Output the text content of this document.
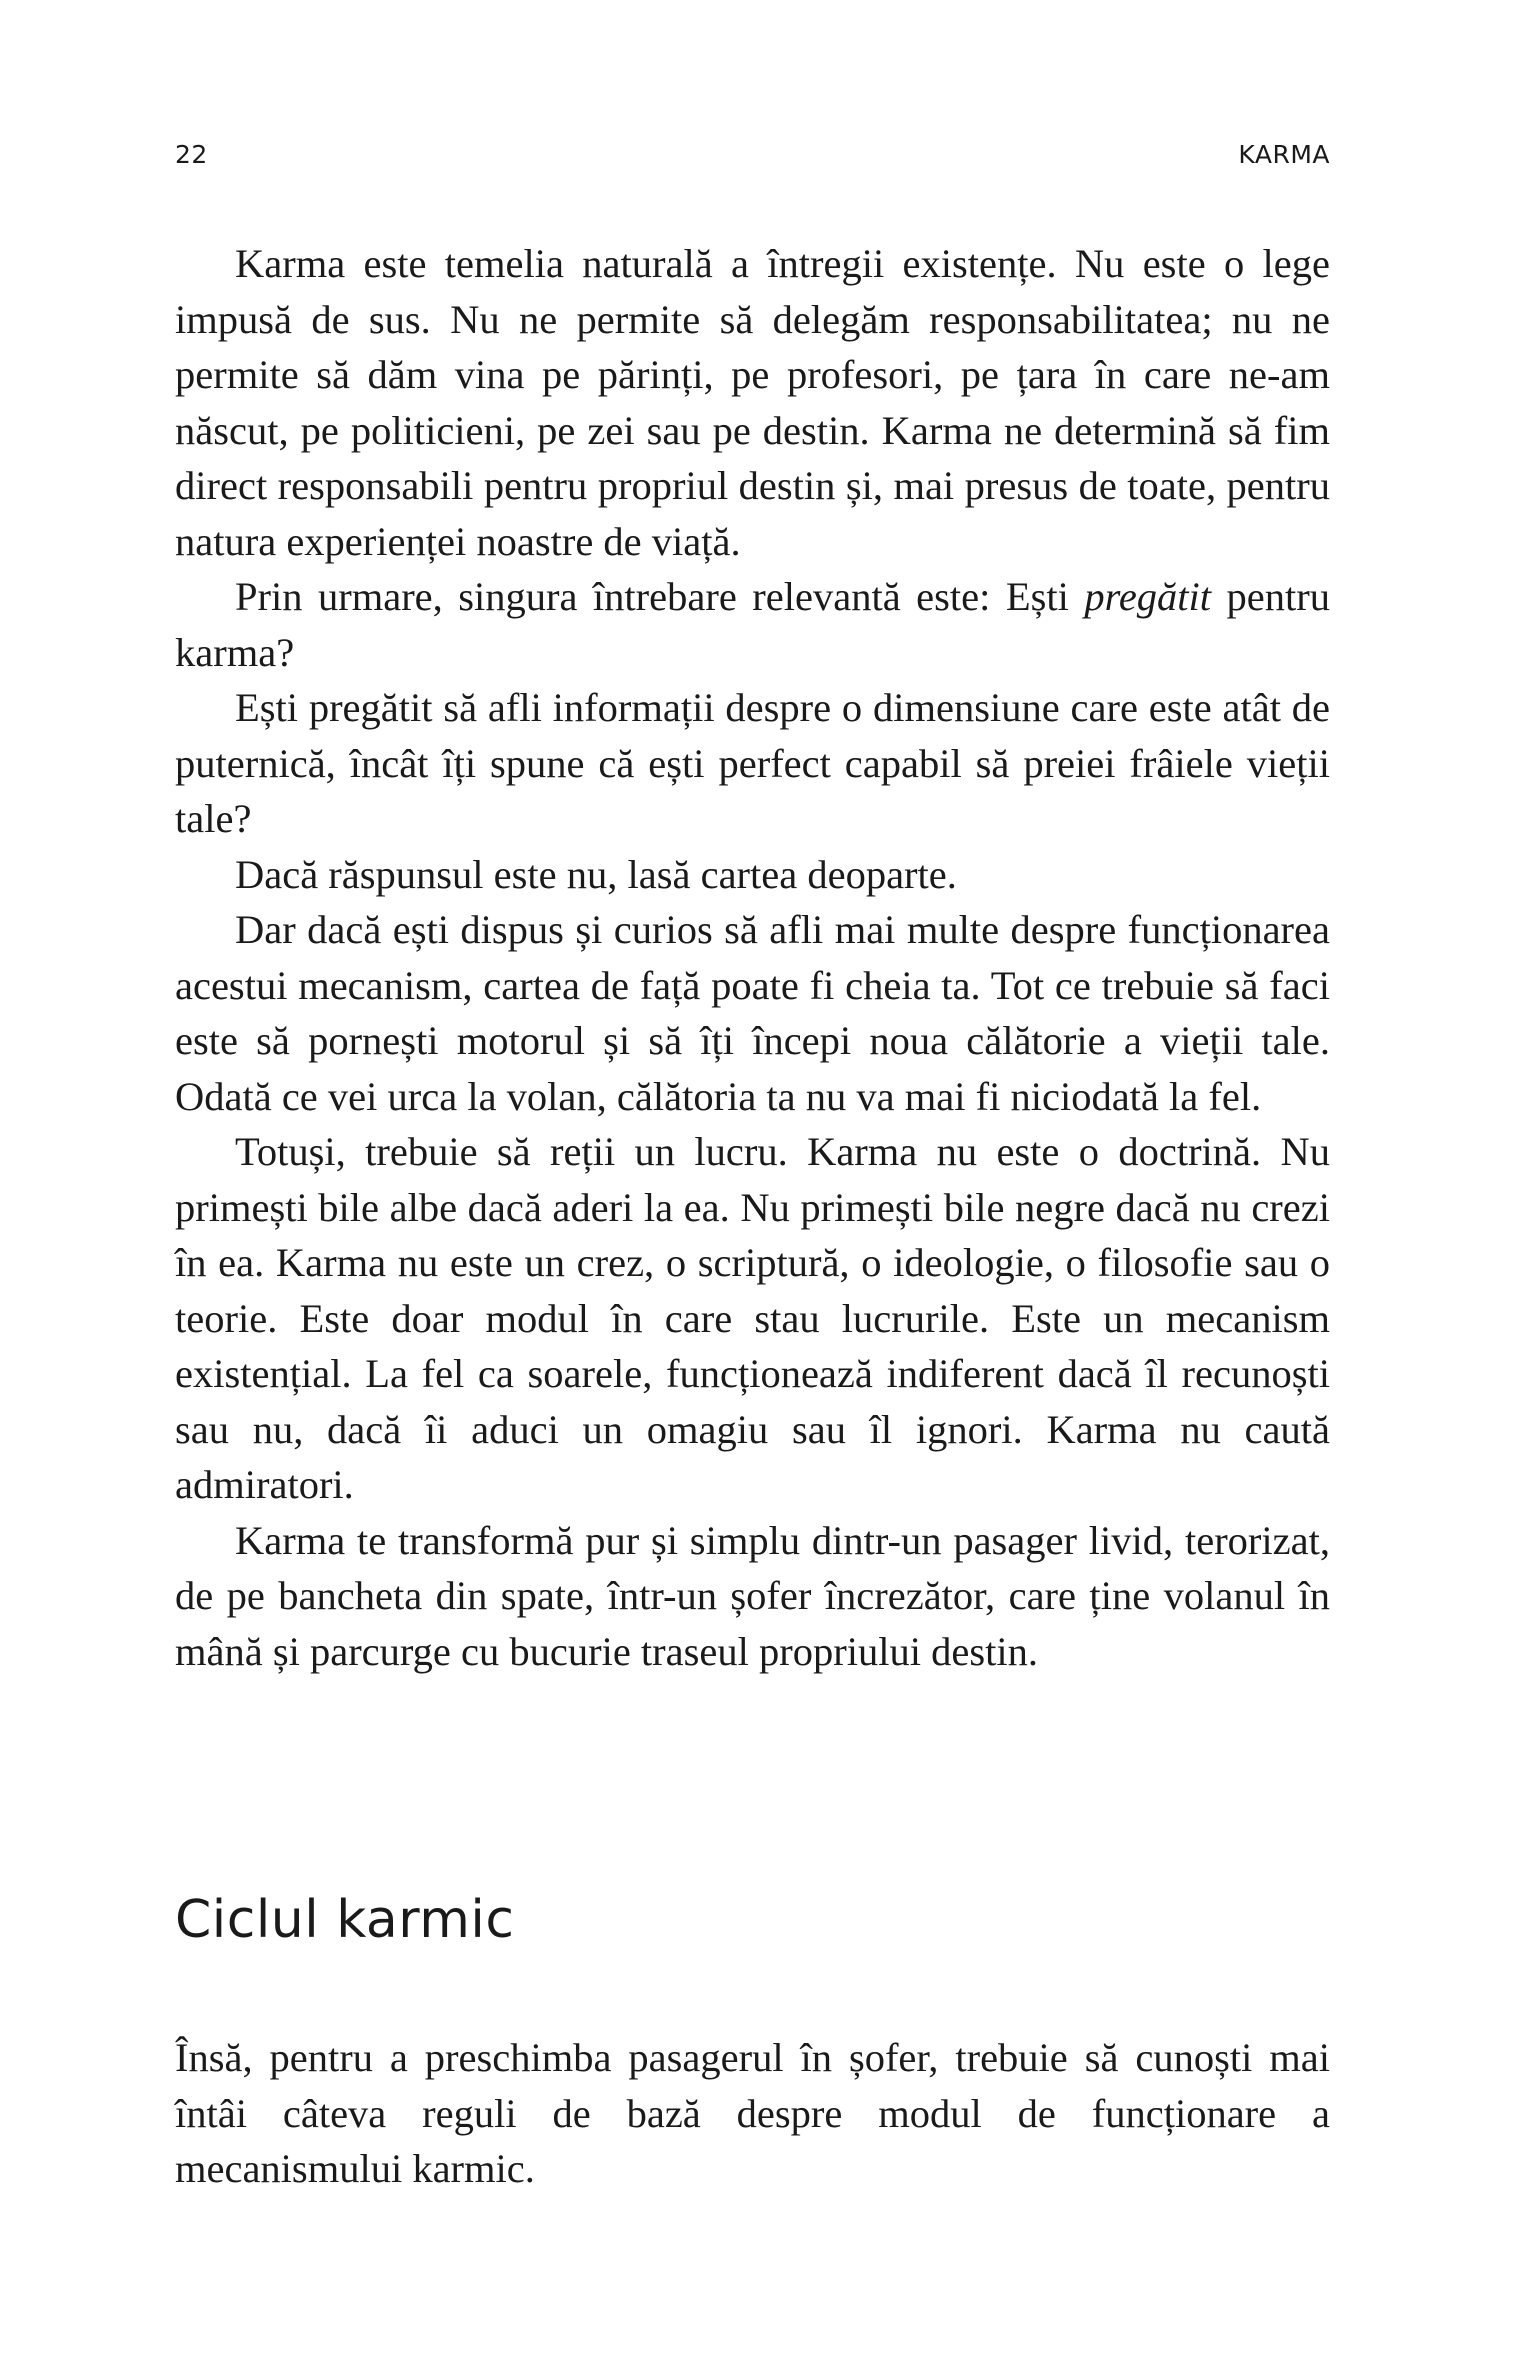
22	KARMA

Karma este temelia naturală a întregii existențe. Nu este o lege impusă de sus. Nu ne permite să delegăm responsabilitatea; nu ne permite să dăm vina pe părinți, pe profesori, pe țara în care ne-am născut, pe politicieni, pe zei sau pe destin. Karma ne determină să fim direct responsabili pentru propriul destin și, mai presus de toate, pentru natura experienței noastre de viață.

Prin urmare, singura întrebare relevantă este: Ești pregătit pentru karma?

Ești pregătit să afli informații despre o dimensiune care este atât de puternică, încât îți spune că ești perfect capabil să preiei frâiele vieții tale?

Dacă răspunsul este nu, lasă cartea deoparte.

Dar dacă ești dispus și curios să afli mai multe despre funcționarea acestui mecanism, cartea de față poate fi cheia ta. Tot ce trebuie să faci este să pornești motorul și să îți începi noua călătorie a vieții tale. Odată ce vei urca la volan, călătoria ta nu va mai fi niciodată la fel.

Totuși, trebuie să reții un lucru. Karma nu este o doctrină. Nu primești bile albe dacă aderi la ea. Nu primești bile negre dacă nu crezi în ea. Karma nu este un crez, o scriptură, o ideologie, o filosofie sau o teorie. Este doar modul în care stau lucrurile. Este un mecanism existențial. La fel ca soarele, funcționează indiferent dacă îl recunoști sau nu, dacă îi aduci un omagiu sau îl ignori. Karma nu caută admiratori.

Karma te transformă pur și simplu dintr-un pasager livid, terorizat, de pe bancheta din spate, într-un șofer încrezător, care ține volanul în mână și parcurge cu bucurie traseul propriului destin.

Ciclul karmic

Însă, pentru a preschimba pasagerul în șofer, trebuie să cunoști mai întâi câteva reguli de bază despre modul de funcționare a mecanismului karmic.
